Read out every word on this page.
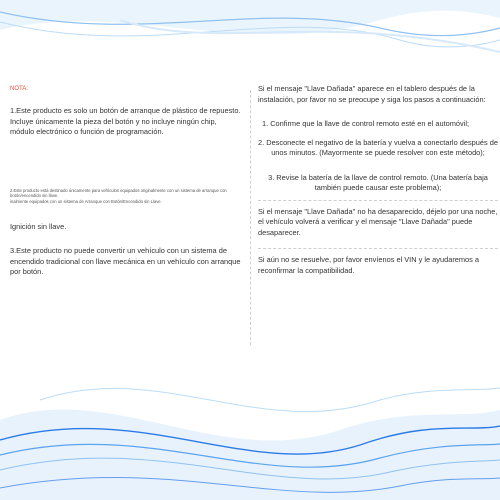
NOTA:

1.Este producto es solo un botón de arranque de plástico de repuesto. Incluye únicamente la pieza del botón y no incluye ningún chip, módulo electrónico o función de programación.

2.Este producto está destinado únicamente para vehículos equipados originalmente con un sistema de arranque con botón/encendido sin llave.

inalmente equipados con un sistema de Arranque con Botón/Encendido sin Llave.

Ignición sin llave.

3.Este producto no puede convertir un vehículo con un sistema de encendido tradicional con llave mecánica en un vehículo con arranque por botón.

Si el mensaje "Llave Dañada" aparece en el tablero después de la instalación, por favor no se preocupe y siga los pasos a continuación:

1. Confirme que la llave de control remoto esté en el automóvil;

2. Desconecte el negativo de la batería y vuelva a conectarlo después de unos minutos. (Mayormente se puede resolver con este método);

3. Revise la batería de la llave de control remoto. (Una batería baja también puede causar este problema);

Si el mensaje "Llave Dañada" no ha desaparecido, déjelo por una noche, el vehículo volverá a verificar y el mensaje "Llave Dañada" puede desaparecer.

Si aún no se resuelve, por favor envíenos el VIN y le ayudaremos a reconfirmar la compatibilidad.
